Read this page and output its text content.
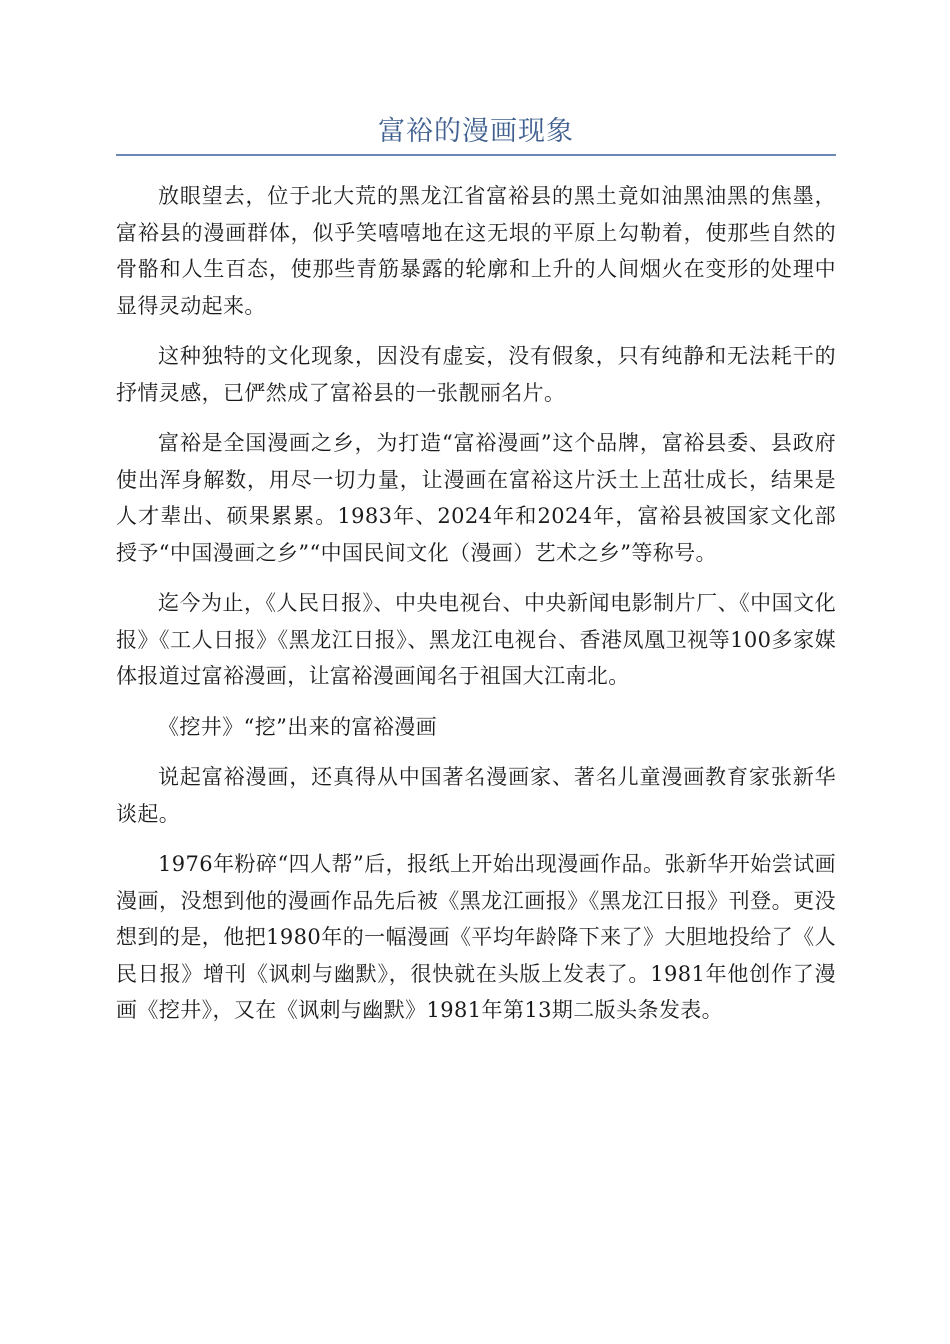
富裕的漫画现象

放眼望去，位于北大荒的黑龙江省富裕县的黑土竟如油黑油黑的焦墨，富裕县的漫画群体，似乎笑嘻嘻地在这无垠的平原上勾勒着，使那些自然的骨骼和人生百态，使那些青筋暴露的轮廓和上升的人间烟火在变形的处理中显得灵动起来。

这种独特的文化现象，因没有虚妄，没有假象，只有纯静和无法耗干的抒情灵感，已俨然成了富裕县的一张靓丽名片。

富裕是全国漫画之乡，为打造“富裕漫画”这个品牌，富裕县委、县政府使出浑身解数，用尽一切力量，让漫画在富裕这片沃土上茁壮成长，结果是人才辈出、硕果累累。1983年、2024年和2024年，富裕县被国家文化部授予“中国漫画之乡”“中国民间文化（漫画）艺术之乡”等称号。

迄今为止，《人民日报》、中央电视台、中央新闻电影制片厂、《中国文化报》《工人日报》《黑龙江日报》、黑龙江电视台、香港凤凰卫视等100多家媒体报道过富裕漫画，让富裕漫画闻名于祖国大江南北。

《挖井》“挖”出来的富裕漫画

说起富裕漫画，还真得从中国著名漫画家、著名儿童漫画教育家张新华谈起。

1976年粉碎“四人帮”后，报纸上开始出现漫画作品。张新华开始尝试画漫画，没想到他的漫画作品先后被《黑龙江画报》《黑龙江日报》刊登。更没想到的是，他把1980年的一幅漫画《平均年龄降下来了》大胆地投给了《人民日报》增刊《讽刺与幽默》，很快就在头版上发表了。1981年他创作了漫画《挖井》，又在《讽刺与幽默》1981年第13期二版头条发表。
